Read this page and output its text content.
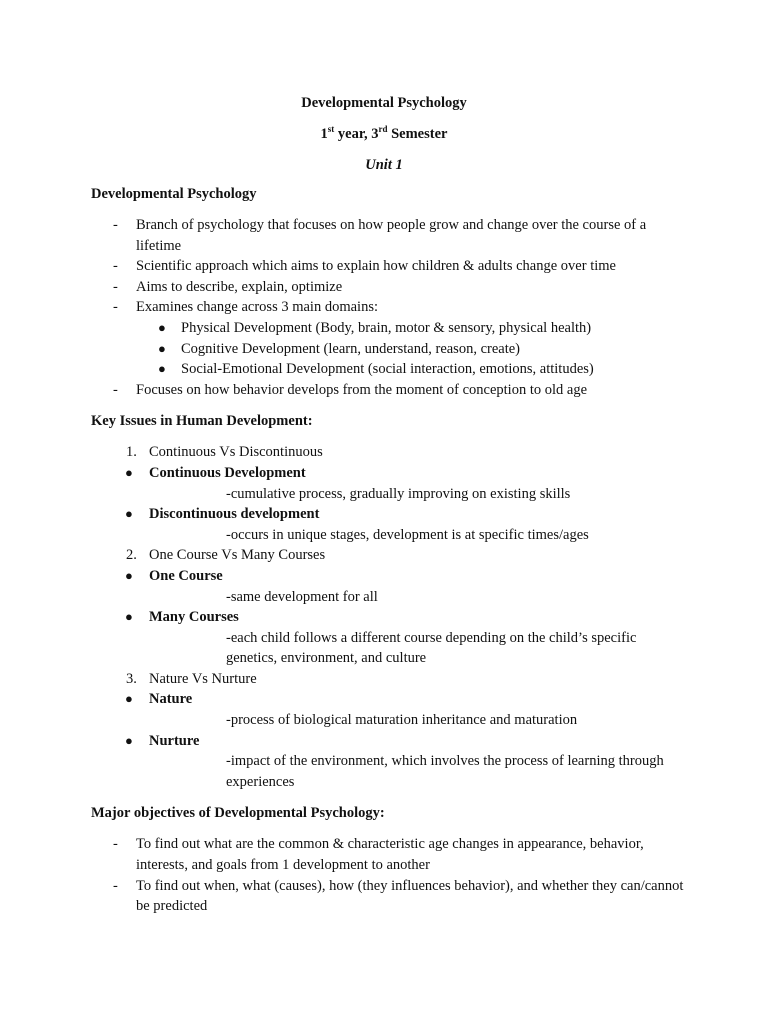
Developmental Psychology
1st year, 3rd Semester
Unit 1
Developmental Psychology
- Branch of psychology that focuses on how people grow and change over the course of a lifetime
- Scientific approach which aims to explain how children & adults change over time
- Aims to describe, explain, optimize
- Examines change across 3 main domains:
● Physical Development (Body, brain, motor & sensory, physical health)
● Cognitive Development (learn, understand, reason, create)
● Social-Emotional Development (social interaction, emotions, attitudes)
- Focuses on how behavior develops from the moment of conception to old age
Key Issues in Human Development:
1. Continuous Vs Discontinuous
● Continuous Development
-cumulative process, gradually improving on existing skills
● Discontinuous development
-occurs in unique stages, development is at specific times/ages
2. One Course Vs Many Courses
● One Course
-same development for all
● Many Courses
-each child follows a different course depending on the child’s specific genetics, environment, and culture
3. Nature Vs Nurture
● Nature
-process of biological maturation inheritance and maturation
● Nurture
-impact of the environment, which involves the process of learning through experiences
Major objectives of Developmental Psychology:
- To find out what are the common & characteristic age changes in appearance, behavior, interests, and goals from 1 development to another
- To find out when, what (causes), how (they influences behavior), and whether they can/cannot be predicted
